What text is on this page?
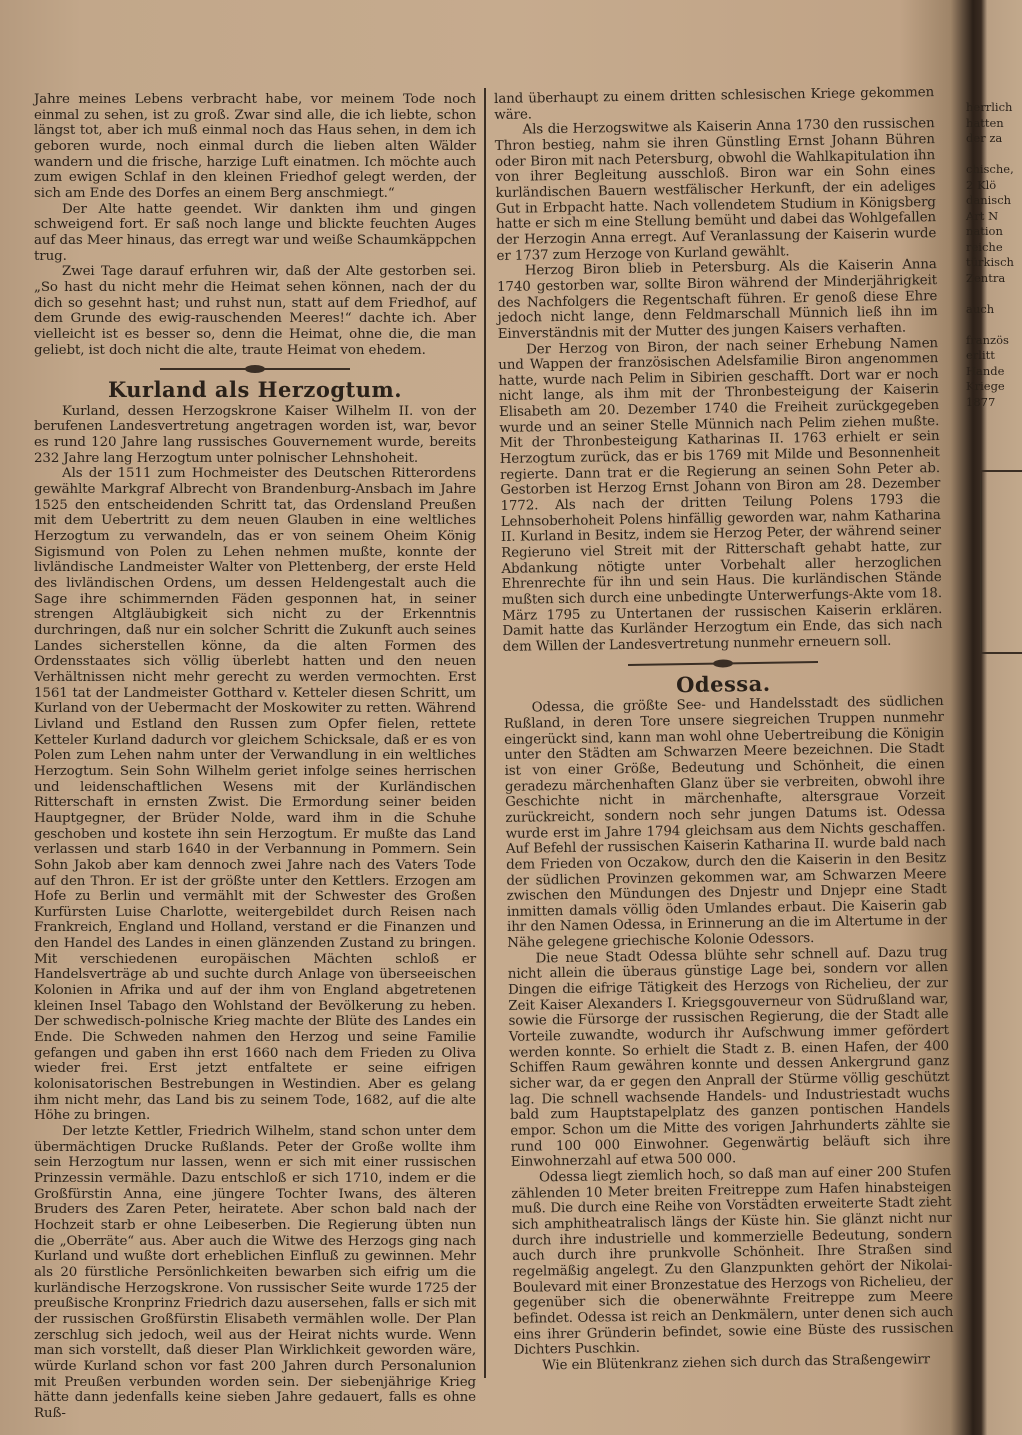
Jahre meines Lebens verbracht habe, vor meinem Tode noch einmal zu sehen, ist zu groß. Zwar sind alle, die ich liebte, schon längst tot, aber ich muß einmal noch das Haus sehen, in dem ich geboren wurde, noch einmal durch die lieben alten Wälder wandern und die frische, harzige Luft einatmen. Ich möchte auch zum ewigen Schlaf in den kleinen Friedhof gelegt werden, der sich am Ende des Dorfes an einem Berg anschmiegt.“

Der Alte hatte geendet. Wir dankten ihm und gingen schweigend fort. Er saß noch lange und blickte feuchten Auges auf das Meer hinaus, das erregt war und weiße Schaumkäppchen trug.

Zwei Tage darauf erfuhren wir, daß der Alte gestorben sei. „So hast du nicht mehr die Heimat sehen können, nach der du dich so gesehnt hast; und ruhst nun, statt auf dem Friedhof, auf dem Grunde des ewig-rauschenden Meeres!“ dachte ich. Aber vielleicht ist es besser so, denn die Heimat, ohne die, die man geliebt, ist doch nicht die alte, traute Heimat von ehedem.

Kurland als Herzogtum.

Kurland, dessen Herzogskrone Kaiser Wilhelm II. von der berufenen Landesvertretung angetragen worden ist, war, bevor es rund 120 Jahre lang russisches Gouvernement wurde, bereits 232 Jahre lang Herzogtum unter polnischer Lehnshoheit.

Als der 1511 zum Hochmeister des Deutschen Ritterordens gewählte Markgraf Albrecht von Brandenburg-Ansbach im Jahre 1525 den entscheidenden Schritt tat, das Ordensland Preußen mit dem Uebertritt zu dem neuen Glauben in eine weltliches Herzogtum zu verwandeln, das er von seinem Oheim König Sigismund von Polen zu Lehen nehmen mußte, konnte der livländische Landmeister Walter von Plettenberg, der erste Held des livländischen Ordens, um dessen Heldengestalt auch die Sage ihre schimmernden Fäden gesponnen hat, in seiner strengen Altgläubigkeit sich nicht zu der Erkenntnis durchringen, daß nur ein solcher Schritt die Zukunft auch seines Landes sicherstellen könne, da die alten Formen des Ordensstaates sich völlig überlebt hatten und den neuen Verhältnissen nicht mehr gerecht zu werden vermochten. Erst 1561 tat der Landmeister Gotthard v. Ketteler diesen Schritt, um Kurland von der Uebermacht der Moskowiter zu retten. Während Livland und Estland den Russen zum Opfer fielen, rettete Ketteler Kurland dadurch vor gleichem Schicksale, daß er es von Polen zum Lehen nahm unter der Verwandlung in ein weltliches Herzogtum. Sein Sohn Wilhelm geriet infolge seines herrischen und leidenschaftlichen Wesens mit der Kurländischen Ritterschaft in ernsten Zwist. Die Ermordung seiner beiden Hauptgegner, der Brüder Nolde, ward ihm in die Schuhe geschoben und kostete ihn sein Herzogtum. Er mußte das Land verlassen und starb 1640 in der Verbannung in Pommern. Sein Sohn Jakob aber kam dennoch zwei Jahre nach des Vaters Tode auf den Thron. Er ist der größte unter den Kettlers. Erzogen am Hofe zu Berlin und vermählt mit der Schwester des Großen Kurfürsten Luise Charlotte, weitergebildet durch Reisen nach Frankreich, England und Holland, verstand er die Finanzen und den Handel des Landes in einen glänzenden Zustand zu bringen. Mit verschiedenen europäischen Mächten schloß er Handelsverträge ab und suchte durch Anlage von überseeischen Kolonien in Afrika und auf der ihm von England abgetretenen kleinen Insel Tabago den Wohlstand der Bevölkerung zu heben. Der schwedisch-polnische Krieg machte der Blüte des Landes ein Ende. Die Schweden nahmen den Herzog und seine Familie gefangen und gaben ihn erst 1660 nach dem Frieden zu Oliva wieder frei. Erst jetzt entfaltete er seine eifrigen kolonisatorischen Bestrebungen in Westindien. Aber es gelang ihm nicht mehr, das Land bis zu seinem Tode, 1682, auf die alte Höhe zu bringen.

Der letzte Kettler, Friedrich Wilhelm, stand schon unter dem übermächtigen Drucke Rußlands. Peter der Große wollte ihm sein Herzogtum nur lassen, wenn er sich mit einer russischen Prinzessin vermähle. Dazu entschloß er sich 1710, indem er die Großfürstin Anna, eine jüngere Tochter Iwans, des älteren Bruders des Zaren Peter, heiratete. Aber schon bald nach der Hochzeit starb er ohne Leibeserben. Die Regierung übten nun die „Oberräte“ aus. Aber auch die Witwe des Herzogs ging nach Kurland und wußte dort erheblichen Einfluß zu gewinnen. Mehr als 20 fürstliche Persönlichkeiten bewarben sich eifrig um die kurländische Herzogskrone. Von russischer Seite wurde 1725 der preußische Kronprinz Friedrich dazu ausersehen, falls er sich mit der russischen Großfürstin Elisabeth vermählen wolle. Der Plan zerschlug sich jedoch, weil aus der Heirat nichts wurde. Wenn man sich vorstellt, daß dieser Plan Wirklichkeit geworden wäre, würde Kurland schon vor fast 200 Jahren durch Personalunion mit Preußen verbunden worden sein. Der siebenjährige Krieg hätte dann jedenfalls keine sieben Jahre gedauert, falls es ohne Ruß-

land überhaupt zu einem dritten schlesischen Kriege gekommen wäre.

Als die Herzogswitwe als Kaiserin Anna 1730 den russischen Thron bestieg, nahm sie ihren Günstling Ernst Johann Bühren oder Biron mit nach Petersburg, obwohl die Wahlkapitulation ihn von ihrer Begleitung ausschloß. Biron war ein Sohn eines kurländischen Bauern westfälischer Herkunft, der ein adeliges Gut in Erbpacht hatte. Nach vollendetem Studium in Königsberg hatte er sich m eine Stellung bemüht und dabei das Wohlgefallen der Herzogin Anna erregt. Auf Veranlassung der Kaiserin wurde er 1737 zum Herzoge von Kurland gewählt.

Herzog Biron blieb in Petersburg. Als die Kaiserin Anna 1740 gestorben war, sollte Biron während der Minderjährigkeit des Nachfolgers die Regentschaft führen. Er genoß diese Ehre jedoch nicht lange, denn Feldmarschall Münnich ließ ihn im Einverständnis mit der Mutter des jungen Kaisers verhaften.

Der Herzog von Biron, der nach seiner Erhebung Namen und Wappen der französischen Adelsfamilie Biron angenommen hatte, wurde nach Pelim in Sibirien geschafft. Dort war er noch nicht lange, als ihm mit der Thronbesteigung der Kaiserin Elisabeth am 20. Dezember 1740 die Freiheit zurückgegeben wurde und an seiner Stelle Münnich nach Pelim ziehen mußte. Mit der Thronbesteigung Katharinas II. 1763 erhielt er sein Herzogtum zurück, das er bis 1769 mit Milde und Besonnenheit regierte. Dann trat er die Regierung an seinen Sohn Peter ab. Gestorben ist Herzog Ernst Johann von Biron am 28. Dezember 1772. Als nach der dritten Teilung Polens 1793 die Lehnsoberhoheit Polens hinfällig geworden war, nahm Katharina II. Kurland in Besitz, indem sie Herzog Peter, der während seiner Regieruno viel Streit mit der Ritterschaft gehabt hatte, zur Abdankung nötigte unter Vorbehalt aller herzoglichen Ehrenrechte für ihn und sein Haus. Die kurländischen Stände mußten sich durch eine unbedingte Unterwerfungs-Akte vom 18. März 1795 zu Untertanen der russischen Kaiserin erklären. Damit hatte das Kurländer Herzogtum ein Ende, das sich nach dem Willen der Landesvertretung nunmehr erneuern soll.

Odessa.

Odessa, die größte See- und Handelsstadt des südlichen Rußland, in deren Tore unsere siegreichen Truppen nunmehr eingerückt sind, kann man wohl ohne Uebertreibung die Königin unter den Städten am Schwarzen Meere bezeichnen. Die Stadt ist von einer Größe, Bedeutung und Schönheit, die einen geradezu märchenhaften Glanz über sie verbreiten, obwohl ihre Geschichte nicht in märchenhafte, altersgraue Vorzeit zurückreicht, sondern noch sehr jungen Datums ist. Odessa wurde erst im Jahre 1794 gleichsam aus dem Nichts geschaffen. Auf Befehl der russischen Kaiserin Katharina II. wurde bald nach dem Frieden von Oczakow, durch den die Kaiserin in den Besitz der südlichen Provinzen gekommen war, am Schwarzen Meere zwischen den Mündungen des Dnjestr und Dnjepr eine Stadt inmitten damals völlig öden Umlandes erbaut. Die Kaiserin gab ihr den Namen Odessa, in Erinnerung an die im Altertume in der Nähe gelegene griechische Kolonie Odessors.

Die neue Stadt Odessa blühte sehr schnell auf. Dazu trug nicht allein die überaus günstige Lage bei, sondern vor allen Dingen die eifrige Tätigkeit des Herzogs von Richelieu, der zur Zeit Kaiser Alexanders I. Kriegsgouverneur von Südrußland war, sowie die Fürsorge der russischen Regierung, die der Stadt alle Vorteile zuwandte, wodurch ihr Aufschwung immer gefördert werden konnte. So erhielt die Stadt z. B. einen Hafen, der 400 Schiffen Raum gewähren konnte und dessen Ankergrund ganz sicher war, da er gegen den Anprall der Stürme völlig geschützt lag. Die schnell wachsende Handels- und Industriestadt wuchs bald zum Hauptstapelplatz des ganzen pontischen Handels empor. Schon um die Mitte des vorigen Jahrhunderts zählte sie rund 100 000 Einwohner. Gegenwärtig beläuft sich ihre Einwohnerzahl auf etwa 500 000.

Odessa liegt ziemlich hoch, so daß man auf einer 200 Stufen zählenden 10 Meter breiten Freitreppe zum Hafen hinabsteigen muß. Die durch eine Reihe von Vorstädten erweiterte Stadt zieht sich amphitheatralisch längs der Küste hin. Sie glänzt nicht nur durch ihre industrielle und kommerzielle Bedeutung, sondern auch durch ihre prunkvolle Schönheit. Ihre Straßen sind regelmäßig angelegt. Zu den Glanzpunkten gehört der Nikolai-Boulevard mit einer Bronzestatue des Herzogs von Richelieu, der gegenüber sich die obenerwähnte Freitreppe zum Meere befindet. Odessa ist reich an Denkmälern, unter denen sich auch eins ihrer Gründerin befindet, sowie eine Büste des russischen Dichters Puschkin.

Wie ein Blütenkranz ziehen sich durch das Straßengewirr

herrlich

hatten

der za

chische,

2 Klö

danisch

Art N

nation

reiche

türkisch

Zentra

auch

französ

erlitt

Hande

Kriege

1877
